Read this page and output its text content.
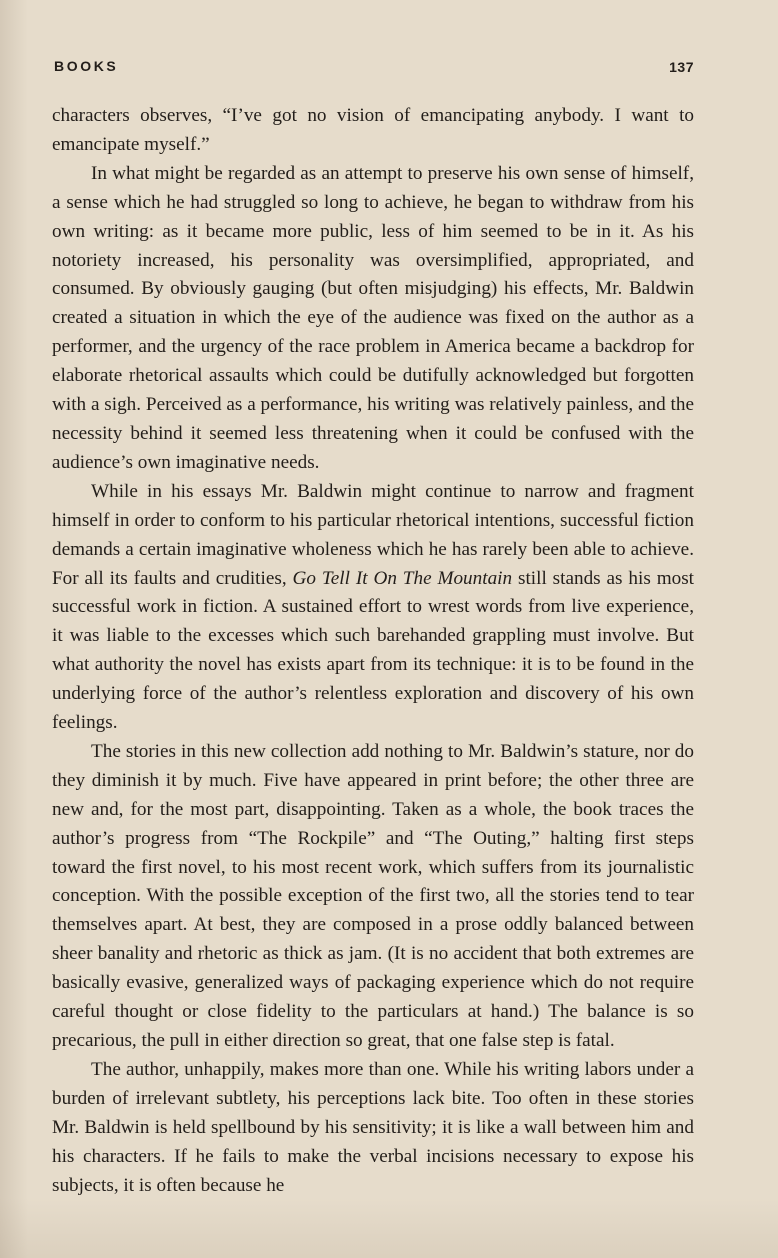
BOOKS	137

characters observes, “I’ve got no vision of emancipating anybody. I want to emancipate myself.”

In what might be regarded as an attempt to preserve his own sense of himself, a sense which he had struggled so long to achieve, he began to withdraw from his own writing: as it became more public, less of him seemed to be in it. As his notoriety increased, his personality was oversimplified, appropriated, and consumed. By obviously gauging (but often misjudging) his effects, Mr. Baldwin created a situation in which the eye of the audience was fixed on the author as a performer, and the urgency of the race problem in America became a backdrop for elaborate rhetorical assaults which could be dutifully acknowledged but forgotten with a sigh. Perceived as a performance, his writing was relatively painless, and the necessity behind it seemed less threatening when it could be confused with the audience’s own imaginative needs.

While in his essays Mr. Baldwin might continue to narrow and fragment himself in order to conform to his particular rhetorical intentions, successful fiction demands a certain imaginative wholeness which he has rarely been able to achieve. For all its faults and crudities, Go Tell It On The Mountain still stands as his most successful work in fiction. A sustained effort to wrest words from live experience, it was liable to the excesses which such barehanded grappling must involve. But what authority the novel has exists apart from its technique: it is to be found in the underlying force of the author’s relentless exploration and discovery of his own feelings.

The stories in this new collection add nothing to Mr. Baldwin’s stature, nor do they diminish it by much. Five have appeared in print before; the other three are new and, for the most part, disappointing. Taken as a whole, the book traces the author’s progress from “The Rockpile” and “The Outing,” halting first steps toward the first novel, to his most recent work, which suffers from its journalistic conception. With the possible exception of the first two, all the stories tend to tear themselves apart. At best, they are composed in a prose oddly balanced between sheer banality and rhetoric as thick as jam. (It is no accident that both extremes are basically evasive, generalized ways of packaging experience which do not require careful thought or close fidelity to the particulars at hand.) The balance is so precarious, the pull in either direction so great, that one false step is fatal.

The author, unhappily, makes more than one. While his writing labors under a burden of irrelevant subtlety, his perceptions lack bite. Too often in these stories Mr. Baldwin is held spellbound by his sensitivity; it is like a wall between him and his characters. If he fails to make the verbal incisions necessary to expose his subjects, it is often because he
